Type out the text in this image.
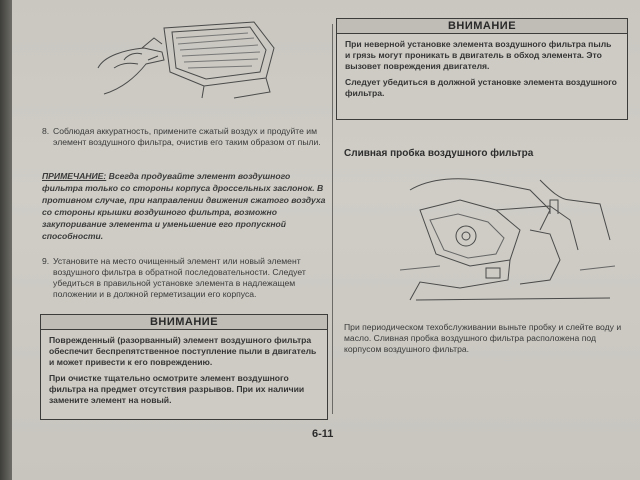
8. Соблюдая аккуратность, примените сжатый воздух и продуйте им элемент воздушного фильтра, очистив его таким образом от пыли.
ПРИМЕЧАНИЕ: Всегда продувайте элемент воздушного фильтра только со стороны корпуса дроссельных заслонок. В противном случае, при направлении движения сжатого воздуха со стороны крышки воздушного фильтра, возможно закупоривание элемента и уменьшение его пропускной способности.
9. Установите на место очищенный элемент или новый элемент воздушного фильтра в обратной последовательности. Следует убедиться в правильной установке элемента в надлежащем положении и в должной герметизации его корпуса.
ВНИМАНИЕ

Поврежденный (разорванный) элемент воздушного фильтра обеспечит беспрепятственное поступление пыли в двигатель и может привести к его повреждению.

При очистке тщательно осмотрите элемент воздушного фильтра на предмет отсутствия разрывов. При их наличии замените элемент на новый.

ВНИМАНИЕ

При неверной установке элемента воздушного фильтра пыль и грязь могут проникать в двигатель в обход элемента. Это вызовет повреждения двигателя.

Следует убедиться в должной установке элемента воздушного фильтра.

Сливная пробка воздушного фильтра
При периодическом техобслуживании выньте пробку и слейте воду и масло. Сливная пробка воздушного фильтра расположена под корпусом воздушного фильтра.
6-11
